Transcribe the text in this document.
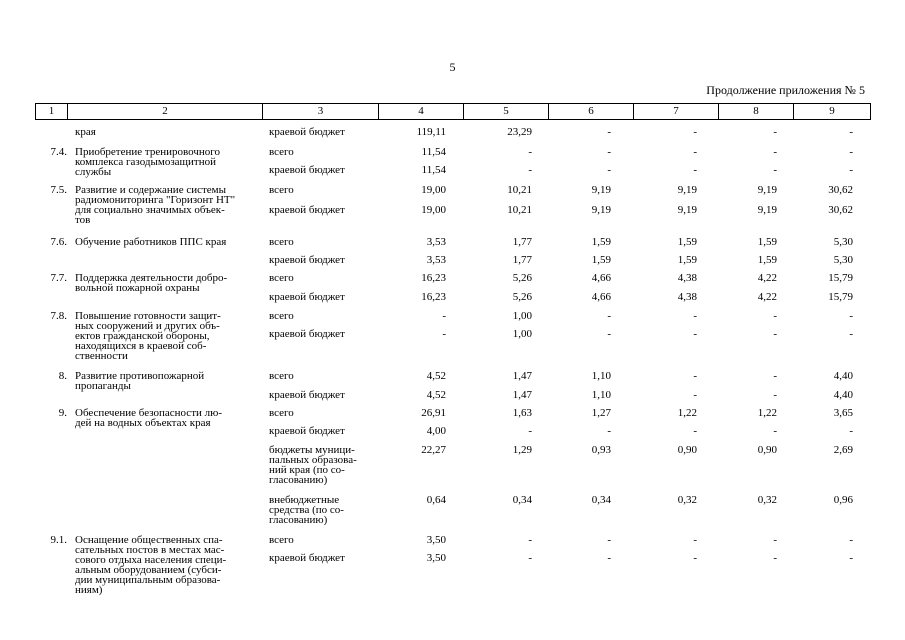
5
Продолжение приложения № 5
1	2	3	4	5	6	7	8	9
края	краевой бюджет	119,11	23,29	-	-	-	-
7.4. Приобретение тренировочного
комплекса газодымозащитной
службы
всего	11,54	-	-	-	-	-
краевой бюджет	11,54	-	-	-	-	-
7.5. Развитие и содержание системы
радиомониторинга "Горизонт НТ"
для социально значимых объек-
тов
всего	19,00	10,21	9,19	9,19	9,19	30,62
краевой бюджет	19,00	10,21	9,19	9,19	9,19	30,62
7.6. Обучение работников ППС края	всего	3,53	1,77	1,59	1,59	1,59	5,30
краевой бюджет	3,53	1,77	1,59	1,59	1,59	5,30
7.7. Поддержка деятельности добро-
вольной пожарной охраны
всего	16,23	5,26	4,66	4,38	4,22	15,79
краевой бюджет	16,23	5,26	4,66	4,38	4,22	15,79
7.8. Повышение готовности защит-
ных сооружений и других объ-
ектов гражданской обороны,
находящихся в краевой соб-
ственности
всего	-	1,00	-	-	-	-
краевой бюджет	-	1,00	-	-	-	-
8. Развитие противопожарной
пропаганды
всего	4,52	1,47	1,10	-	-	4,40
краевой бюджет	4,52	1,47	1,10	-	-	4,40
9. Обеспечение безопасности лю-
дей на водных объектах края
всего	26,91	1,63	1,27	1,22	1,22	3,65
краевой бюджет	4,00	-	-	-	-	-
бюджеты муници-
пальных образова-
ний края (по со-
гласованию)
22,27	1,29	0,93	0,90	0,90	2,69
внебюджетные
средства (по со-
гласованию)
0,64	0,34	0,34	0,32	0,32	0,96
9.1. Оснащение общественных спа-
сательных постов в местах мас-
сового отдыха населения специ-
альным оборудованием (субси-
дии муниципальным образова-
ниям)
всего	3,50	-	-	-	-	-
краевой бюджет	3,50	-	-	-	-	-
